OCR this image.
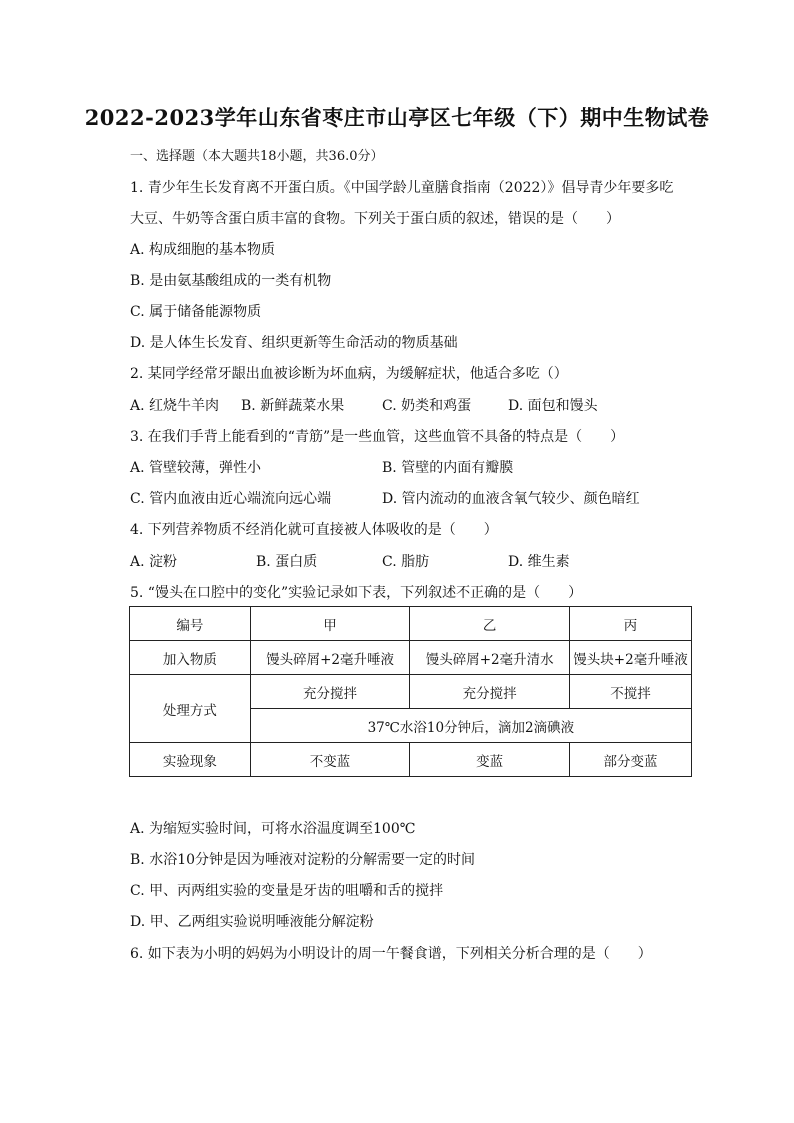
2022-2023学年山东省枣庄市山亭区七年级（下）期中生物试卷
一、选择题（本大题共18小题，共36.0分）
1. 青少年生长发育离不开蛋白质。《中国学龄儿童膳食指南（2022）》倡导青少年要多吃
大豆、牛奶等含蛋白质丰富的食物。下列关于蛋白质的叙述，错误的是（　　）
A. 构成细胞的基本物质
B. 是由氨基酸组成的一类有机物
C. 属于储备能源物质
D. 是人体生长发育、组织更新等生命活动的物质基础
2. 某同学经常牙龈出血被诊断为坏血病，为缓解症状，他适合多吃（）
A. 红烧牛羊肉 B. 新鲜蔬菜水果	C. 奶类和鸡蛋	D. 面包和馒头
3. 在我们手背上能看到的“青筋”是一些血管，这些血管不具备的特点是（　　）
A. 管壁较薄，弹性小	B. 管壁的内面有瓣膜
C. 管内血液由近心端流向远心端	D. 管内流动的血液含氧气较少、颜色暗红
4. 下列营养物质不经消化就可直接被人体吸收的是（　　）
A. 淀粉	B. 蛋白质	C. 脂肪	D. 维生素
5. “馒头在口腔中的变化”实验记录如下表，下列叙述不正确的是（　　）
编号	甲	乙	丙
加入物质	馒头碎屑+2毫升唾液	馒头碎屑+2毫升清水	馒头块+2毫升唾液
处理方式	充分搅拌	充分搅拌	不搅拌
	37℃水浴10分钟后，滴加2滴碘液		
实验现象	不变蓝	变蓝	部分变蓝
A. 为缩短实验时间，可将水浴温度调至100℃
B. 水浴10分钟是因为唾液对淀粉的分解需要一定的时间
C. 甲、丙两组实验的变量是牙齿的咀嚼和舌的搅拌
D. 甲、乙两组实验说明唾液能分解淀粉
6. 如下表为小明的妈妈为小明设计的周一午餐食谱，下列相关分析合理的是（　　）
